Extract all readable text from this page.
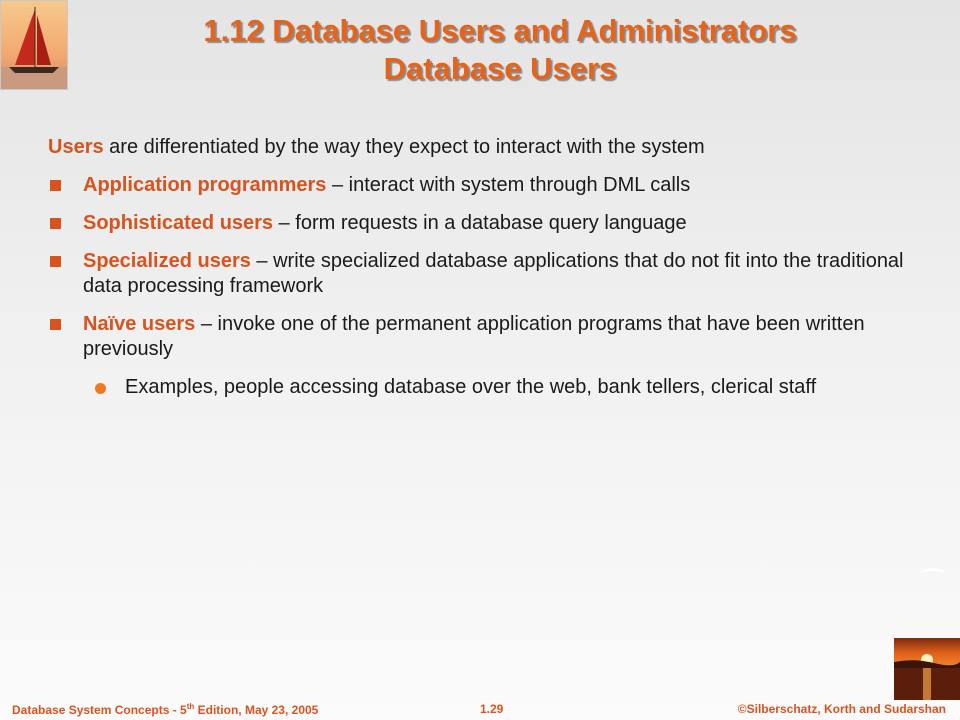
1.12 Database Users and Administrators
Database Users

Users are differentiated by the way they expect to interact with the system

Application programmers – interact with system through DML calls

Sophisticated users – form requests in a database query language

Specialized users – write specialized database applications that do not fit into the traditional data processing framework

Naïve users – invoke one of the permanent application programs that have been written previously

Examples, people accessing database over the web, bank tellers, clerical staff

Database System Concepts - 5th Edition, May 23, 2005	1.29	©Silberschatz, Korth and Sudarshan
